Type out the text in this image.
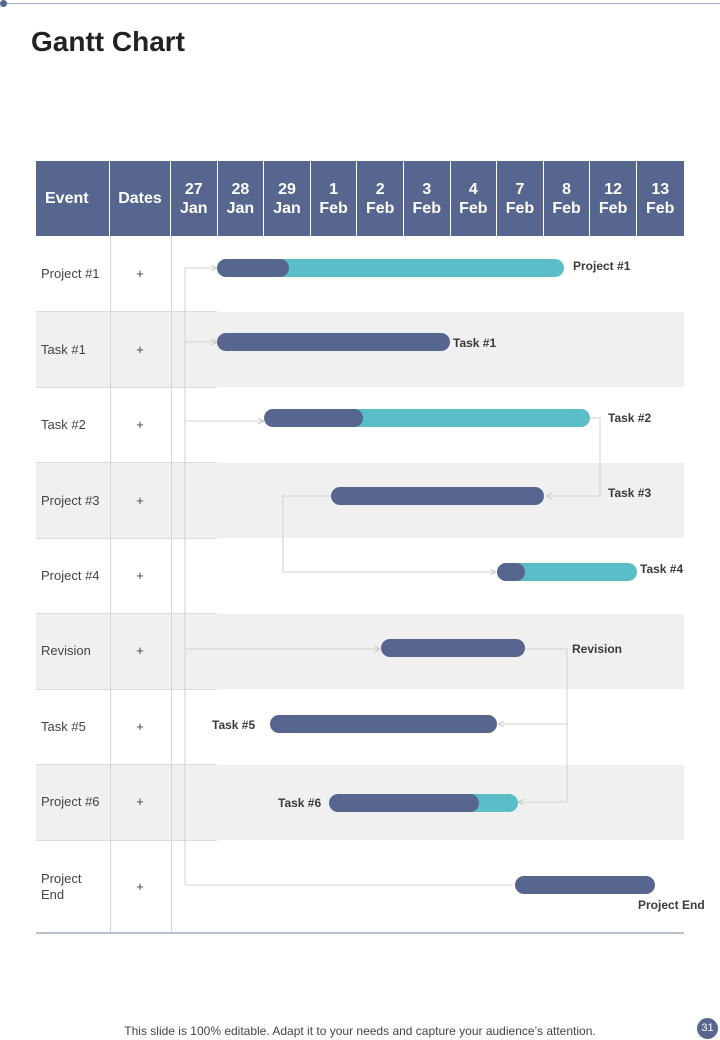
Gantt Chart
Event	Dates
27
Jan
28
Jan
29
Jan
1
Feb
2
Feb
3
Feb
4
Feb
7
Feb
8
Feb
12
Feb
13
Feb
Project #1
Task #1
Task #2
Project #3
Project #4
Revision
Task #5
Project #6
Project End
+
+
+
+
+
+
+
+
+
Project #1
Task #1
Task #2
Task #3
Task #4
Revision
Task #5
Task #6
Project End
This slide is 100% editable. Adapt it to your needs and capture your audience’s attention.	31
